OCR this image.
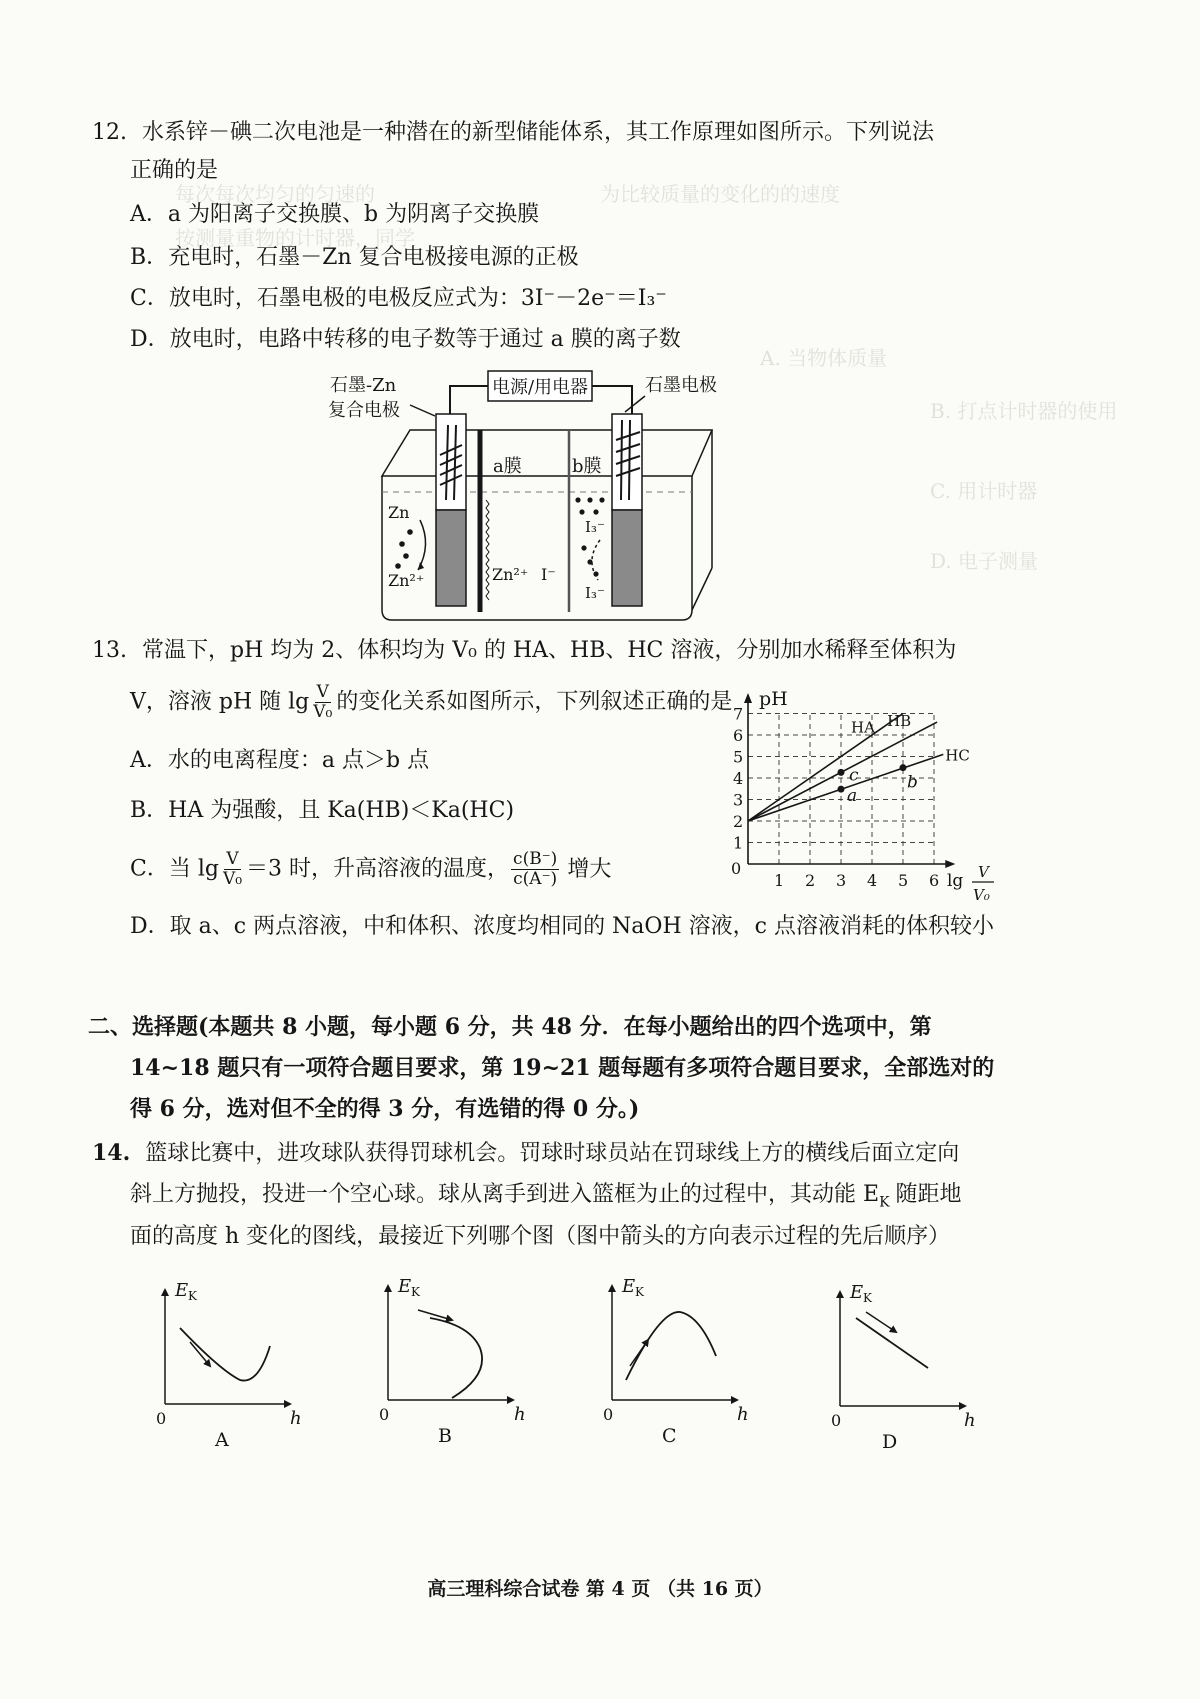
每次每次均匀的匀速的	为比较质量的变化的的速度
按测量重物的计时器，同学
A. 当物体质量
B. 打点计时器的使用
C. 用计时器
D. 电子测量
12. 水系锌－碘二次电池是一种潜在的新型储能体系，其工作原理如图所示。下列说法
正确的是
A．a 为阳离子交换膜、b 为阴离子交换膜
B．充电时，石墨－Zn 复合电极接电源的正极
C．放电时，石墨电极的电极反应式为：3I⁻－2e⁻＝I₃⁻
D．放电时，电路中转移的电子数等于通过 a 膜的离子数
石墨-Zn
复合电极
电源/用电器	石墨电极
a膜	b膜
Zn
Zn²⁺	Zn²⁺ I⁻
I₃⁻
I₃⁻
13. 常温下，pH 均为 2、体积均为 V₀ 的 HA、HB、HC 溶液，分别加水稀释至体积为
V，溶液 pH 随 $\lg \frac{V}{\text{V₀}}$ 的变化关系如图所示，下列叙述正确的是
A．水的电离程度：a 点＞b 点
B．HA 为强酸，且 Ka(HB)＜Ka(HC)
C．当 $\lg \frac{V}{\text{V₀}} =3$ 时，升高溶液的温度， $\frac{c(B^-)}{c(A^-)}$ 增大
D．取 a、c 两点溶液，中和体积、浓度均相同的 NaOH 溶液，c 点溶液消耗的体积较小
1 2 3 4 5 6
1
2
3
4
5
6
7
HA HB
HC
c
a
b
pH
0
lg V
V₀
二、选择题(本题共 8 小题，每小题 6 分，共 48 分．在每小题给出的四个选项中，第
14~18 题只有一项符合题目要求，第 19~21 题每题有多项符合题目要求，全部选对的
得 6 分，选对但不全的得 3 分，有选错的得 0 分。)
14. 篮球比赛中，进攻球队获得罚球机会。罚球时球员站在罚球线上方的横线后面立定向
斜上方抛投，投进一个空心球。球从离手到进入篮框为止的过程中，其动能 $E_K$ 随距地
面的高度 h 变化的图线，最接近下列哪个图（图中箭头的方向表示过程的先后顺序）
E K
0	h
A
E K
0	h
B
E K
0	h
C
E K
0	h
D
高三理科综合试卷 第 4 页 （共 16 页）
